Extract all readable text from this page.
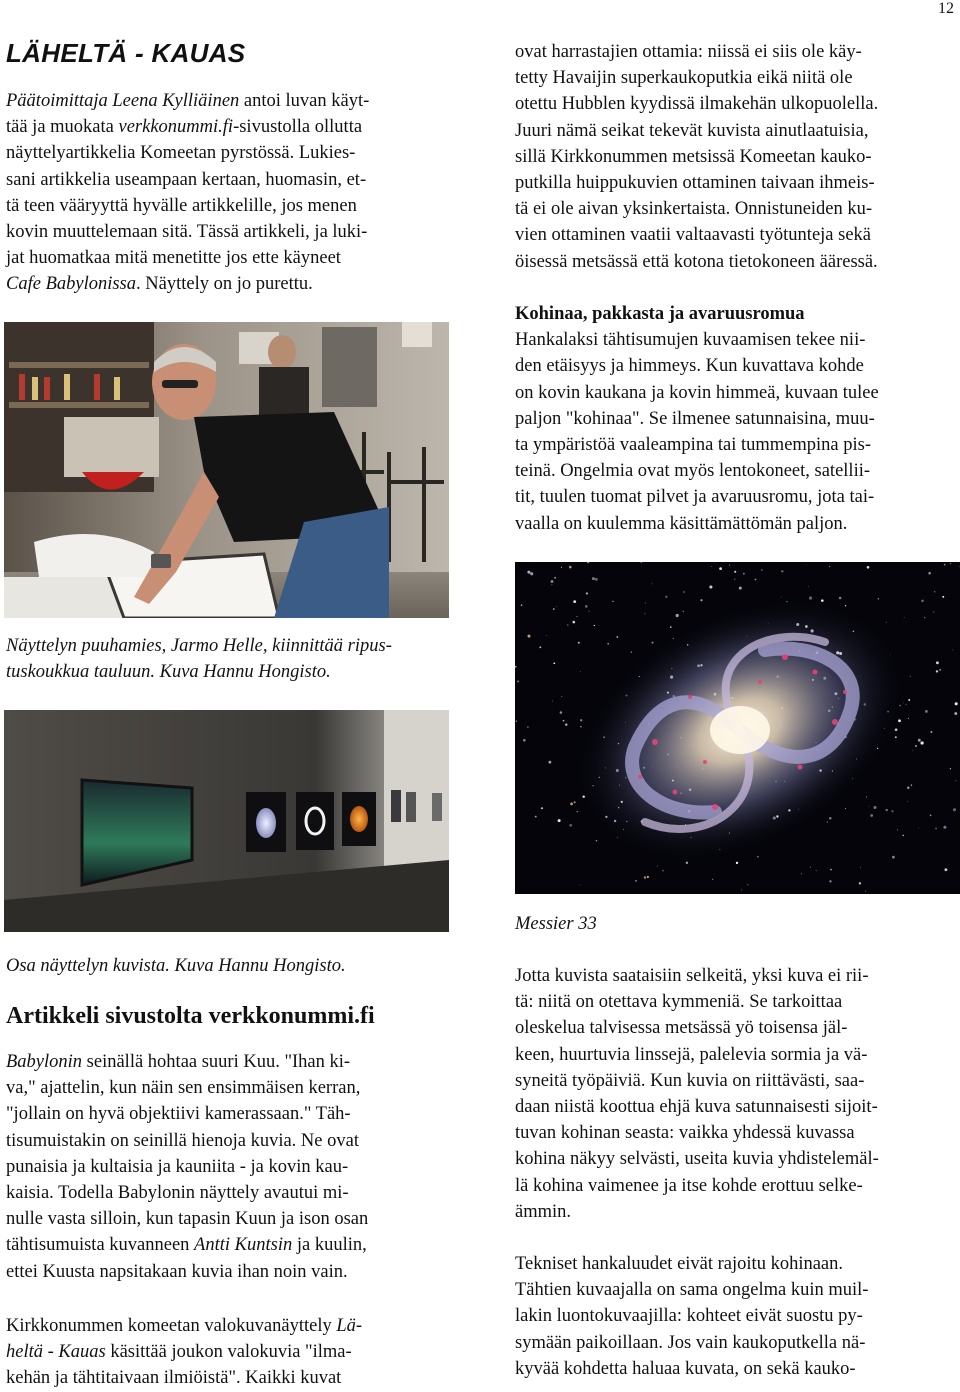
12
LÄHELTÄ - KAUAS

Päätoimittaja Leena Kylliäinen antoi luvan käyt-

tää ja muokata verkkonummi.fi-sivustolla ollutta

näyttelyartikkelia Komeetan pyrstössä. Lukies-

sani artikkelia useampaan kertaan, huomasin, et-

tä teen vääryyttä hyvälle artikkelille, jos menen

kovin muuttelemaan sitä. Tässä artikkeli, ja luki-

jat huomatkaa mitä menetitte jos ette käyneet

Cafe Babylonissa. Näyttely on jo purettu.

Näyttelyn puuhamies, Jarmo Helle, kiinnittää ripus-
tuskoukkua tauluun. Kuva Hannu Hongisto.
Osa näyttelyn kuvista. Kuva Hannu Hongisto.
Artikkeli sivustolta verkkonummi.fi

Babylonin seinällä hohtaa suuri Kuu. "Ihan ki-

va," ajattelin, kun näin sen ensimmäisen kerran,

"jollain on hyvä objektiivi kamerassaan." Täh-

tisumuistakin on seinillä hienoja kuvia. Ne ovat

punaisia ja kultaisia ja kauniita - ja kovin kau-

kaisia. Todella Babylonin näyttely avautui mi-

nulle vasta silloin, kun tapasin Kuun ja ison osan

tähtisumuista kuvanneen Antti Kuntsin ja kuulin,

ettei Kuusta napsitakaan kuvia ihan noin vain.

Kirkkonummen komeetan valokuvanäyttely Lä-

heltä - Kauas käsittää joukon valokuvia "ilma-

kehän ja tähtitaivaan ilmiöistä". Kaikki kuvat

ovat harrastajien ottamia: niissä ei siis ole käy-

tetty Havaijin superkaukoputkia eikä niitä ole

otettu Hubblen kyydissä ilmakehän ulkopuolella.

Juuri nämä seikat tekevät kuvista ainutlaatuisia,

sillä Kirkkonummen metsissä Komeetan kauko-

putkilla huippukuvien ottaminen taivaan ihmeis-

tä ei ole aivan yksinkertaista. Onnistuneiden ku-

vien ottaminen vaatii valtaavasti työtunteja sekä

öisessä metsässä että kotona tietokoneen ääressä.

Kohinaa, pakkasta ja avaruusromua

Hankalaksi tähtisumujen kuvaamisen tekee nii-

den etäisyys ja himmeys. Kun kuvattava kohde

on kovin kaukana ja kovin himmeä, kuvaan tulee

paljon "kohinaa". Se ilmenee satunnaisina, muu-

ta ympäristöä vaaleampina tai tummempina pis-

teinä. Ongelmia ovat myös lentokoneet, satellii-

tit, tuulen tuomat pilvet ja avaruusromu, jota tai-

vaalla on kuulemma käsittämättömän paljon.

Messier 33

Jotta kuvista saataisiin selkeitä, yksi kuva ei rii-

tä: niitä on otettava kymmeniä. Se tarkoittaa

oleskelua talvisessa metsässä yö toisensa jäl-

keen, huurtuvia linssejä, palelevia sormia ja vä-

syneitä työpäiviä. Kun kuvia on riittävästi, saa-

daan niistä koottua ehjä kuva satunnaisesti sijoit-

tuvan kohinan seasta: vaikka yhdessä kuvassa

kohina näkyy selvästi, useita kuvia yhdistelemäl-

lä kohina vaimenee ja itse kohde erottuu selke-

ämmin.

Tekniset hankaluudet eivät rajoitu kohinaan.

Tähtien kuvaajalla on sama ongelma kuin muil-

lakin luontokuvaajilla: kohteet eivät suostu py-

symään paikoillaan. Jos vain kaukoputkella nä-

kyvää kohdetta haluaa kuvata, on sekä kauko-
